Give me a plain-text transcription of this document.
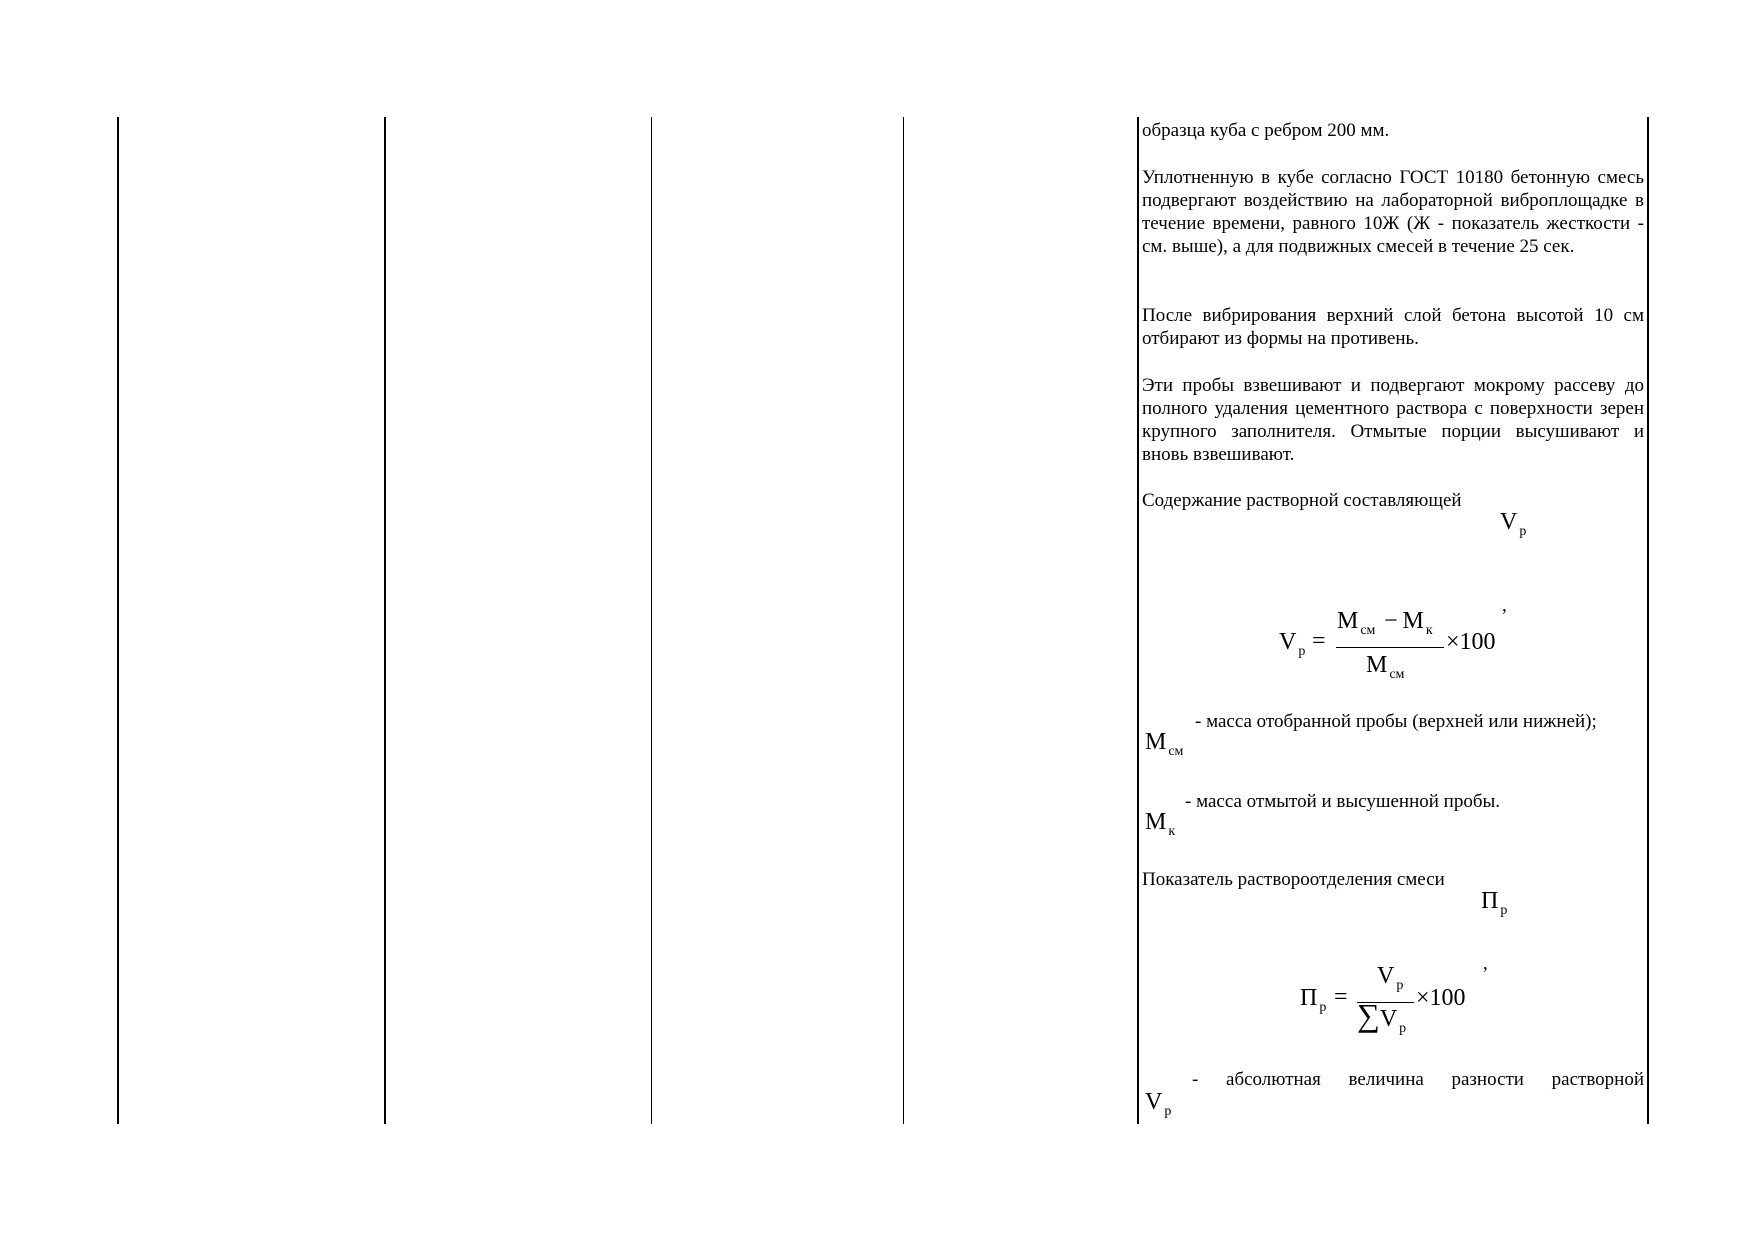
образца куба с ребром 200 мм.

Уплотненную в кубе согласно ГОСТ 10180 бетонную смесь подвергают воздействию на лабораторной виброплощадке в течение времени, равного 10Ж (Ж - показатель жесткости - см. выше), а для подвижных смесей в течение 25 сек.

После вибрирования верхний слой бетона высотой 10 см отбирают из формы на противень.

Эти пробы взвешивают и подвергают мокрому рассеву до полного удаления цементного раствора с поверхности зерен крупного заполнителя. Отмытые порции высушивают и вновь взвешивают.

Содержание растворной составляющей
V $_р$
,
V $_р$ =
M $_{см}$ − M $_к$
M $_{см}$
×100
- масса отобранной пробы (верхней или нижней);
M $_{см}$
- масса отмытой и высушенной пробы.
M $_к$
Показатель раствороотделения смеси
П $_р$
,
П $_р$ =
V $_р$
∑V $_р$
×100
- абсолютная величина разности растворной
V $_р$
